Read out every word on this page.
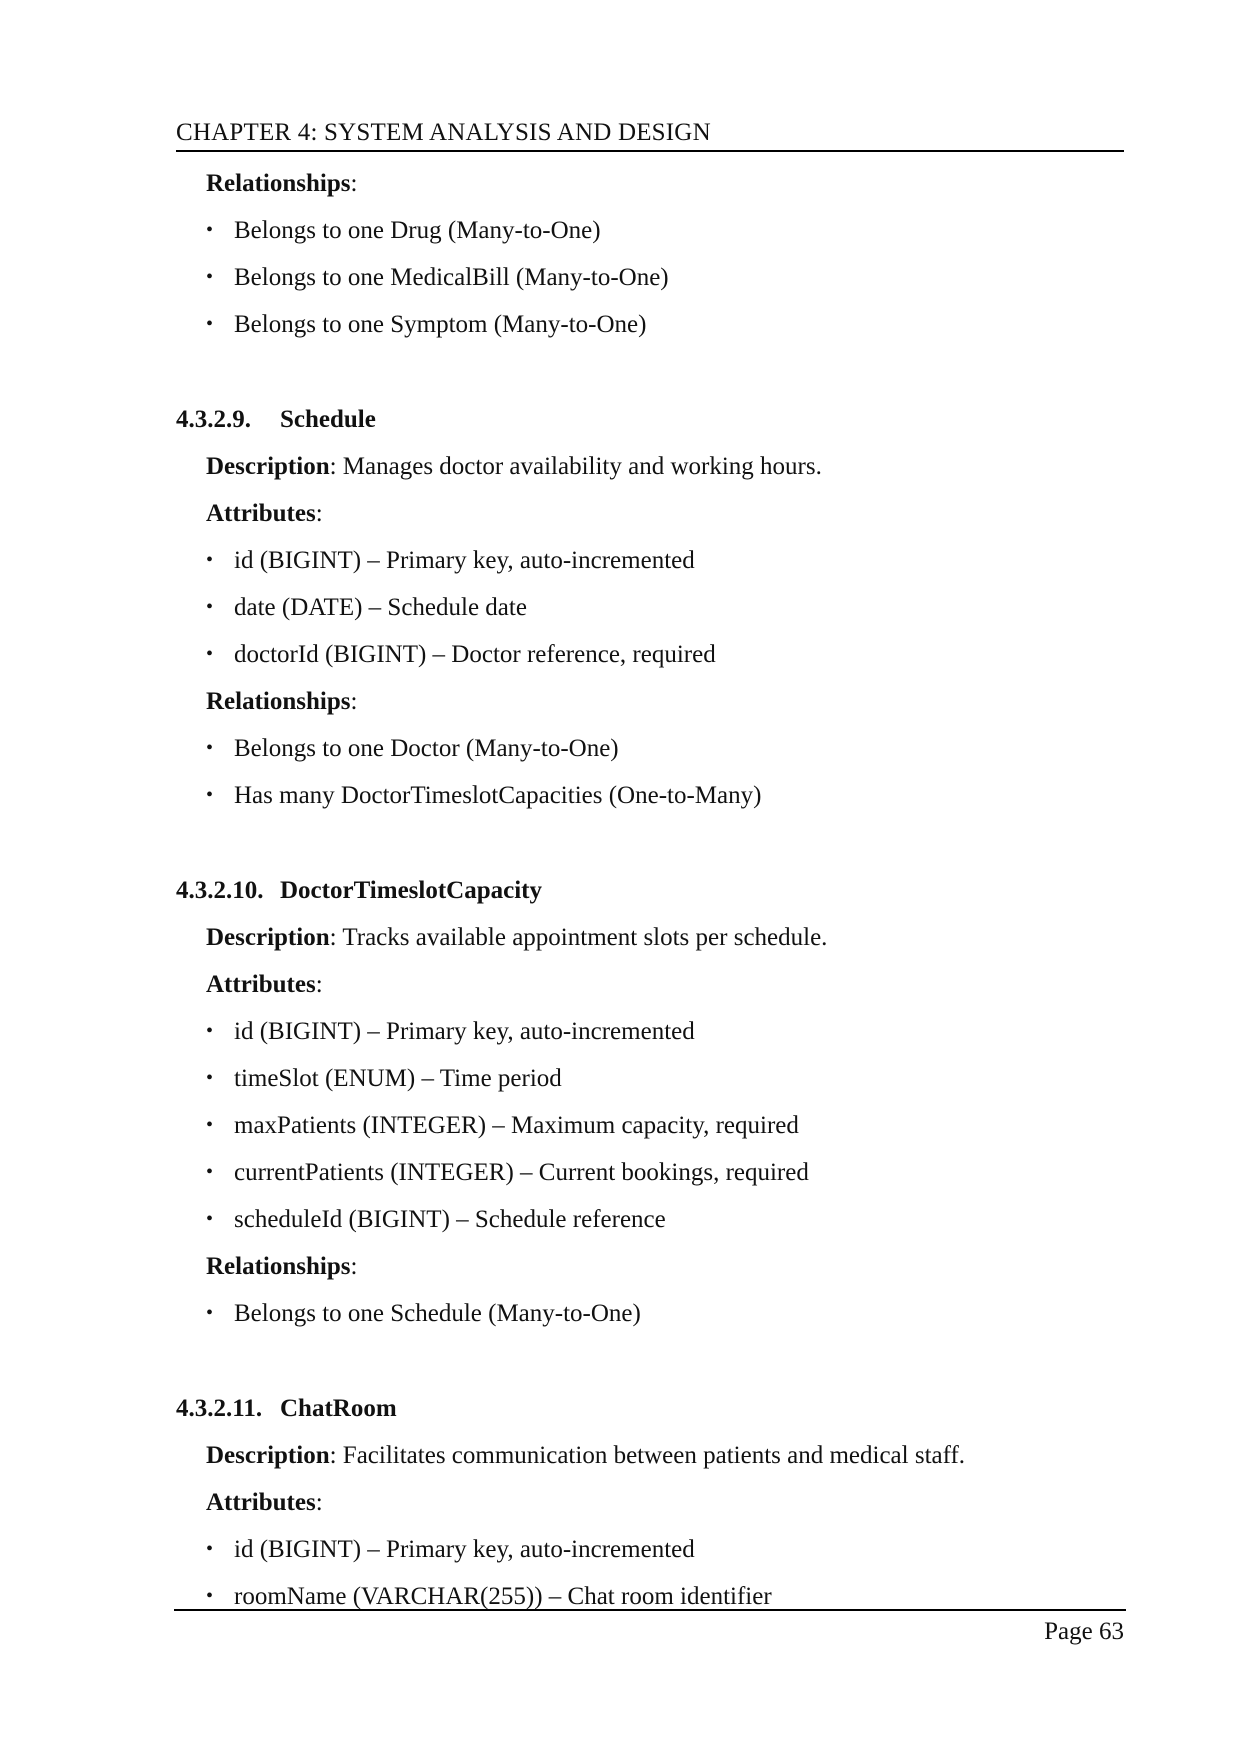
CHAPTER 4: SYSTEM ANALYSIS AND DESIGN
Relationships:
• Belongs to one Drug (Many-to-One)
• Belongs to one MedicalBill (Many-to-One)
• Belongs to one Symptom (Many-to-One)
4.3.2.9. Schedule
Description: Manages doctor availability and working hours.
Attributes:
• id (BIGINT) – Primary key, auto-incremented
• date (DATE) – Schedule date
• doctorId (BIGINT) – Doctor reference, required
Relationships:
• Belongs to one Doctor (Many-to-One)
• Has many DoctorTimeslotCapacities (One-to-Many)
4.3.2.10. DoctorTimeslotCapacity
Description: Tracks available appointment slots per schedule.
Attributes:
• id (BIGINT) – Primary key, auto-incremented
• timeSlot (ENUM) – Time period
• maxPatients (INTEGER) – Maximum capacity, required
• currentPatients (INTEGER) – Current bookings, required
• scheduleId (BIGINT) – Schedule reference
Relationships:
• Belongs to one Schedule (Many-to-One)
4.3.2.11. ChatRoom
Description: Facilitates communication between patients and medical staff.
Attributes:
• id (BIGINT) – Primary key, auto-incremented
• roomName (VARCHAR(255)) – Chat room identifier
Page 63
